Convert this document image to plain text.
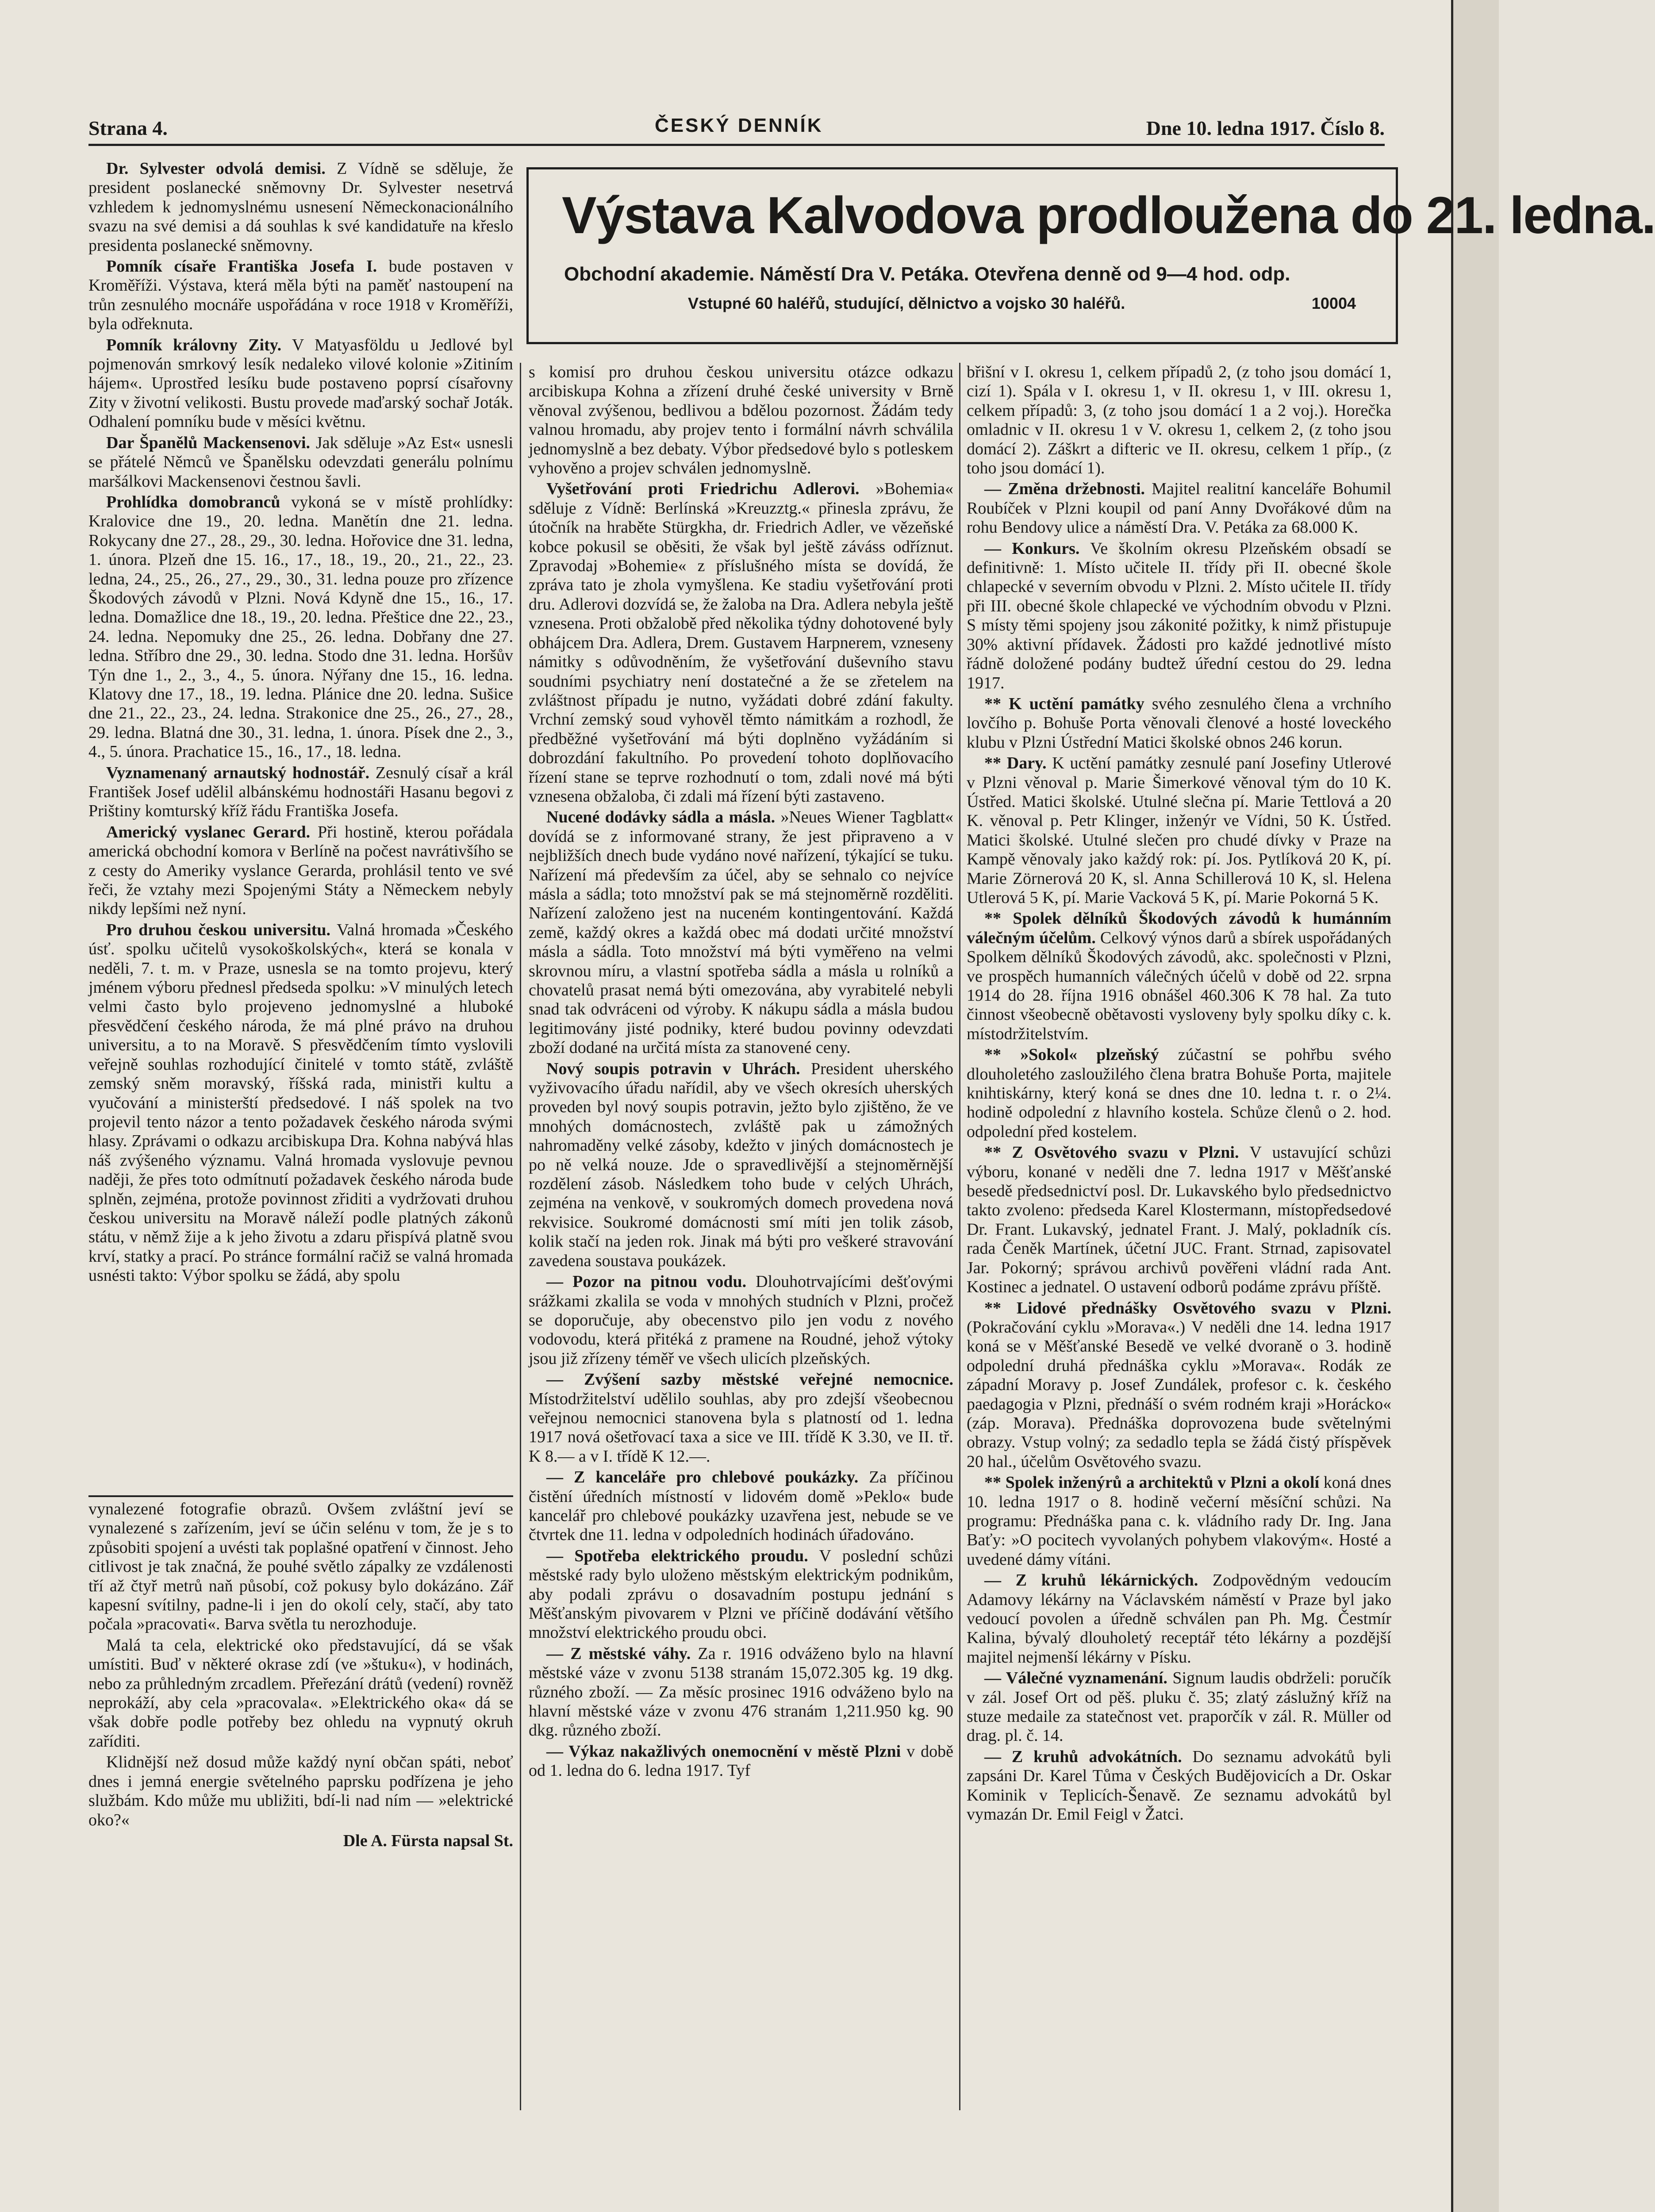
Strana 4.	ČESKÝ DENNÍK	Dne 10. ledna 1917. Číslo 8.
Výstava Kalvodova prodloužena do 21. ledna.
Obchodní akademie. Náměstí Dra V. Petáka. Otevřena denně od 9—4 hod. odp.
Vstupné 60 haléřů, studující, dělnictvo a vojsko 30 haléřů.	10004

Dr. Sylvester odvolá demisi. Z Vídně se sděluje, že president poslanecké sněmovny Dr. Sylvester nesetrvá vzhledem k jednomyslnému usnesení Německonacionálního svazu na své demisi a dá souhlas k své kandidatuře na křeslo presidenta poslanecké sněmovny.

Pomník císaře Františka Josefa I. bude postaven v Kroměříži. Výstava, která měla býti na paměť nastoupení na trůn zesnulého mocnáře uspořádána v roce 1918 v Kroměříži, byla odřeknuta.

Pomník královny Zity. V Matyasföldu u Jedlové byl pojmenován smrkový lesík nedaleko vilové kolonie »Zitiním hájem«. Uprostřed lesíku bude postaveno poprsí císařovny Zity v životní velikosti. Bustu provede maďarský sochař Joták. Odhalení pomníku bude v měsíci květnu.

Dar Španělů Mackensenovi. Jak sděluje »Az Est« usnesli se přátelé Němců ve Španělsku odevzdati generálu polnímu maršálkovi Mackensenovi čestnou šavli.

Prohlídka domobranců vykoná se v místě prohlídky: Kralovice dne 19., 20. ledna. Manětín dne 21. ledna. Rokycany dne 27., 28., 29., 30. ledna. Hořovice dne 31. ledna, 1. února. Plzeň dne 15. 16., 17., 18., 19., 20., 21., 22., 23. ledna, 24., 25., 26., 27., 29., 30., 31. ledna pouze pro zřízence Škodových závodů v Plzni. Nová Kdyně dne 15., 16., 17. ledna. Domažlice dne 18., 19., 20. ledna. Přeštice dne 22., 23., 24. ledna. Nepomuky dne 25., 26. ledna. Dobřany dne 27. ledna. Stříbro dne 29., 30. ledna. Stodo dne 31. ledna. Horšův Týn dne 1., 2., 3., 4., 5. února. Nýřany dne 15., 16. ledna. Klatovy dne 17., 18., 19. ledna. Plánice dne 20. ledna. Sušice dne 21., 22., 23., 24. ledna. Strakonice dne 25., 26., 27., 28., 29. ledna. Blatná dne 30., 31. ledna, 1. února. Písek dne 2., 3., 4., 5. února. Prachatice 15., 16., 17., 18. ledna.

Vyznamenaný arnautský hodnostář. Zesnulý císař a král František Josef udělil albánskému hodnostáři Hasanu begovi z Prištiny komturský kříž řádu Františka Josefa.

Americký vyslanec Gerard. Při hostině, kterou pořádala americká obchodní komora v Berlíně na počest navrátivšího se z cesty do Ameriky vyslance Gerarda, prohlásil tento ve své řeči, že vztahy mezi Spojenými Státy a Německem nebyly nikdy lepšími než nyní.

Pro druhou českou universitu. Valná hromada »Českého úsť. spolku učitelů vysokoškolských«, která se konala v neděli, 7. t. m. v Praze, usnesla se na tomto projevu, který jménem výboru přednesl předseda spolku: »V minulých letech velmi často bylo projeveno jednomyslné a hluboké přesvědčení českého národa, že má plné právo na druhou universitu, a to na Moravě. S přesvědčením tímto vyslovili veřejně souhlas rozhodující činitelé v tomto státě, zvláště zemský sněm moravský, říšská rada, ministři kultu a vyučování a ministerští předsedové. I náš spolek na tvo projevil tento názor a tento požadavek českého národa svými hlasy. Zprávami o odkazu arcibiskupa Dra. Kohna nabývá hlas náš zvýšeného významu. Valná hromada vyslovuje pevnou naději, že přes toto odmítnutí požadavek českého národa bude splněn, zejména, protože povinnost zřiditi a vydržovati druhou českou universitu na Moravě náleží podle platných zákonů státu, v němž žije a k jeho životu a zdaru přispívá platně svou krví, statky a prací. Po stránce formální račiž se valná hromada usnésti takto: Výbor spolku se žádá, aby spolu

vynalezené fotografie obrazů. Ovšem zvláštní jeví se vynalezené s zařízením, jeví se účin selénu v tom, že je s to způsobiti spojení a uvésti tak poplašné opatření v činnost. Jeho citlivost je tak značná, že pouhé světlo zápalky ze vzdálenosti tří až čtyř metrů naň působí, což pokusy bylo dokázáno. Zář kapesní svítilny, padne-li i jen do okolí cely, stačí, aby tato počala »pracovati«. Barva světla tu nerozhoduje.

Malá ta cela, elektrické oko představující, dá se však umístiti. Buď v některé okrase zdí (ve »štuku«), v hodinách, nebo za průhledným zrcadlem. Přeřezání drátů (vedení) rovněž neprokáží, aby cela »pracovala«. »Elektrického oka« dá se však dobře podle potřeby bez ohledu na vypnutý okruh zaříditi.

Klidnější než dosud může každý nyní občan spáti, neboť dnes i jemná energie světelného paprsku podřízena je jeho službám. Kdo může mu ubližiti, bdí-li nad ním — »elektrické oko?«

Dle A. Fürsta napsal St.

s komisí pro druhou českou universitu otázce odkazu arcibiskupa Kohna a zřízení druhé české university v Brně věnoval zvýšenou, bedlivou a bdělou pozornost. Žádám tedy valnou hromadu, aby projev tento i formální návrh schválila jednomyslně a bez debaty. Výbor předsedové bylo s potleskem vyhověno a projev schválen jednomyslně.

Vyšetřování proti Friedrichu Adlerovi. »Bohemia« sděluje z Vídně: Berlínská »Kreuzztg.« přinesla zprávu, že útočník na hraběte Stürgkha, dr. Friedrich Adler, ve vězeňské kobce pokusil se oběsiti, že však byl ještě záváss odříznut. Zpravodaj »Bohemie« z příslušného místa se dovídá, že zpráva tato je zhola vymyšlena. Ke stadiu vyšetřování proti dru. Adlerovi dozvídá se, že žaloba na Dra. Adlera nebyla ještě vznesena. Proti obžalobě před několika týdny dohotovené byly obhájcem Dra. Adlera, Drem. Gustavem Harpnerem, vzneseny námitky s odůvodněním, že vyšetřování duševního stavu soudními psychiatry není dostatečné a že se zřetelem na zvláštnost případu je nutno, vyžádati dobré zdání fakulty. Vrchní zemský soud vyhověl těmto námitkám a rozhodl, že předběžné vyšetřování má býti doplněno vyžádáním si dobrozdání fakultního. Po provedení tohoto doplňovacího řízení stane se teprve rozhodnutí o tom, zdali nové má býti vznesena obžaloba, či zdali má řízení býti zastaveno.

Nucené dodávky sádla a másla. »Neues Wiener Tagblatt« dovídá se z informované strany, že jest připraveno a v nejbližších dnech bude vydáno nové nařízení, týkající se tuku. Nařízení má především za účel, aby se sehnalo co nejvíce másla a sádla; toto množství pak se má stejnoměrně rozděliti. Nařízení založeno jest na nuceném kontingentování. Každá země, každý okres a každá obec má dodati určité množství másla a sádla. Toto množství má býti vyměřeno na velmi skrovnou míru, a vlastní spotřeba sádla a másla u rolníků a chovatelů prasat nemá býti omezována, aby vyrabitelé nebyli snad tak odvráceni od výroby. K nákupu sádla a másla budou legitimovány jisté podniky, které budou povinny odevzdati zboží dodané na určitá místa za stanovené ceny.

Nový soupis potravin v Uhrách. President uherského vyživovacího úřadu nařídil, aby ve všech okresích uherských proveden byl nový soupis potravin, ježto bylo zjištěno, že ve mnohých domácnostech, zvláště pak u zámožných nahromaděny velké zásoby, kdežto v jiných domácnostech je po ně velká nouze. Jde o spravedlivější a stejnoměrnější rozdělení zásob. Následkem toho bude v celých Uhrách, zejména na venkově, v soukromých domech provedena nová rekvisice. Soukromé domácnosti smí míti jen tolik zásob, kolik stačí na jeden rok. Jinak má býti pro veškeré stravování zavedena soustava poukázek.

— Pozor na pitnou vodu. Dlouhotrvajícími dešťovými srážkami zkalila se voda v mnohých studních v Plzni, pročež se doporučuje, aby obecenstvo pilo jen vodu z nového vodovodu, která přitéká z pramene na Roudné, jehož výtoky jsou již zřízeny téměř ve všech ulicích plzeňských.

— Zvýšení sazby městské veřejné nemocnice. Místodržitelství udělilo souhlas, aby pro zdejší všeobecnou veřejnou nemocnici stanovena byla s platností od 1. ledna 1917 nová ošetřovací taxa a sice ve III. třídě K 3.30, ve II. tř. K 8.— a v I. třídě K 12.—.

— Z kanceláře pro chlebové poukázky. Za příčinou čistění úředních místností v lidovém domě »Peklo« bude kancelář pro chlebové poukázky uzavřena jest, nebude se ve čtvrtek dne 11. ledna v odpoledních hodinách úřadováno.

— Spotřeba elektrického proudu. V poslední schůzi městské rady bylo uloženo městským elektrickým podnikům, aby podali zprávu o dosavadním postupu jednání s Měšťanským pivovarem v Plzni ve příčině dodávání většího množství elektrického proudu obci.

— Z městské váhy. Za r. 1916 odváženo bylo na hlavní městské váze v zvonu 5138 stranám 15,072.305 kg. 19 dkg. různého zboží. — Za měsíc prosinec 1916 odváženo bylo na hlavní městské váze v zvonu 476 stranám 1,211.950 kg. 90 dkg. různého zboží.

— Výkaz nakažlivých onemocnění v městě Plzni v době od 1. ledna do 6. ledna 1917. Tyf

břišní v I. okresu 1, celkem případů 2, (z toho jsou domácí 1, cizí 1). Spála v I. okresu 1, v II. okresu 1, v III. okresu 1, celkem případů: 3, (z toho jsou domácí 1 a 2 voj.). Horečka omladnic v II. okresu 1 v V. okresu 1, celkem 2, (z toho jsou domácí 2). Záškrt a difteric ve II. okresu, celkem 1 příp., (z toho jsou domácí 1).

— Změna držebnosti. Majitel realitní kanceláře Bohumil Roubíček v Plzni koupil od paní Anny Dvořákové dům na rohu Bendovy ulice a náměstí Dra. V. Petáka za 68.000 K.

— Konkurs. Ve školním okresu Plzeňském obsadí se definitivně: 1. Místo učitele II. třídy při II. obecné škole chlapecké v severním obvodu v Plzni. 2. Místo učitele II. třídy při III. obecné škole chlapecké ve východním obvodu v Plzni. S místy těmi spojeny jsou zákonité požitky, k nimž přistupuje 30% aktivní přídavek. Žádosti pro každé jednotlivé místo řádně doložené podány budtež úřední cestou do 29. ledna 1917.

** K uctění památky svého zesnulého člena a vrchního lovčího p. Bohuše Porta věnovali členové a hosté loveckého klubu v Plzni Ústřední Matici školské obnos 246 korun.

** Dary. K uctění památky zesnulé paní Josefiny Utlerové v Plzni věnoval p. Marie Šimerkové věnoval tým do 10 K. Ústřed. Matici školské. Utulné slečna pí. Marie Tettlová a 20 K. věnoval p. Petr Klinger, inženýr ve Vídni, 50 K. Ústřed. Matici školské. Utulné slečen pro chudé dívky v Praze na Kampě věnovaly jako každý rok: pí. Jos. Pytlíková 20 K, pí. Marie Zörnerová 20 K, sl. Anna Schillerová 10 K, sl. Helena Utlerová 5 K, pí. Marie Vacková 5 K, pí. Marie Pokorná 5 K.

** Spolek dělníků Škodových závodů k humánním válečným účelům. Celkový výnos darů a sbírek uspořádaných Spolkem dělníků Škodových závodů, akc. společnosti v Plzni, ve prospěch humanních válečných účelů v době od 22. srpna 1914 do 28. října 1916 obnášel 460.306 K 78 hal. Za tuto činnost všeobecně obětavosti vysloveny byly spolku díky c. k. místodržitelstvím.

** »Sokol« plzeňský zúčastní se pohřbu svého dlouholetého zasloužilého člena bratra Bohuše Porta, majitele knihtiskárny, který koná se dnes dne 10. ledna t. r. o 2¼. hodině odpolední z hlavního kostela. Schůze členů o 2. hod. odpolední před kostelem.

** Z Osvětového svazu v Plzni. V ustavující schůzi výboru, konané v neděli dne 7. ledna 1917 v Měšťanské besedě předsednictví posl. Dr. Lukavského bylo předsednictvo takto zvoleno: předseda Karel Klostermann, místopředsedové Dr. Frant. Lukavský, jednatel Frant. J. Malý, pokladník cís. rada Čeněk Martínek, účetní JUC. Frant. Strnad, zapisovatel Jar. Pokorný; správou archivů pověřeni vládní rada Ant. Kostinec a jednatel. O ustavení odborů podáme zprávu příště.

** Lidové přednášky Osvětového svazu v Plzni. (Pokračování cyklu »Morava«.) V neděli dne 14. ledna 1917 koná se v Měšťanské Besedě ve velké dvoraně o 3. hodině odpolední druhá přednáška cyklu »Morava«. Rodák ze západní Moravy p. Josef Zundálek, profesor c. k. českého paedagogia v Plzni, přednáší o svém rodném kraji »Horácko« (záp. Morava). Přednáška doprovozena bude světelnými obrazy. Vstup volný; za sedadlo tepla se žádá čistý příspěvek 20 hal., účelům Osvětového svazu.

** Spolek inženýrů a architektů v Plzni a okolí koná dnes 10. ledna 1917 o 8. hodině večerní měsíční schůzi. Na programu: Přednáška pana c. k. vládního rady Dr. Ing. Jana Baťy: »O pocitech vyvolaných pohybem vlakovým«. Hosté a uvedené dámy vítáni.

— Z kruhů lékárnických. Zodpovědným vedoucím Adamovy lékárny na Václavském náměstí v Praze byl jako vedoucí povolen a úředně schválen pan Ph. Mg. Čestmír Kalina, bývalý dlouholetý receptář této lékárny a pozdější majitel nejmenší lékárny v Písku.

— Válečné vyznamenání. Signum laudis obdrželi: poručík v zál. Josef Ort od pěš. pluku č. 35; zlatý záslužný kříž na stuze medaile za statečnost vet. praporčík v zál. R. Müller od drag. pl. č. 14.

— Z kruhů advokátních. Do seznamu advokátů byli zapsáni Dr. Karel Tůma v Českých Budějovicích a Dr. Oskar Kominik v Teplicích-Šenavě. Ze seznamu advokátů byl vymazán Dr. Emil Feigl v Žatci.
